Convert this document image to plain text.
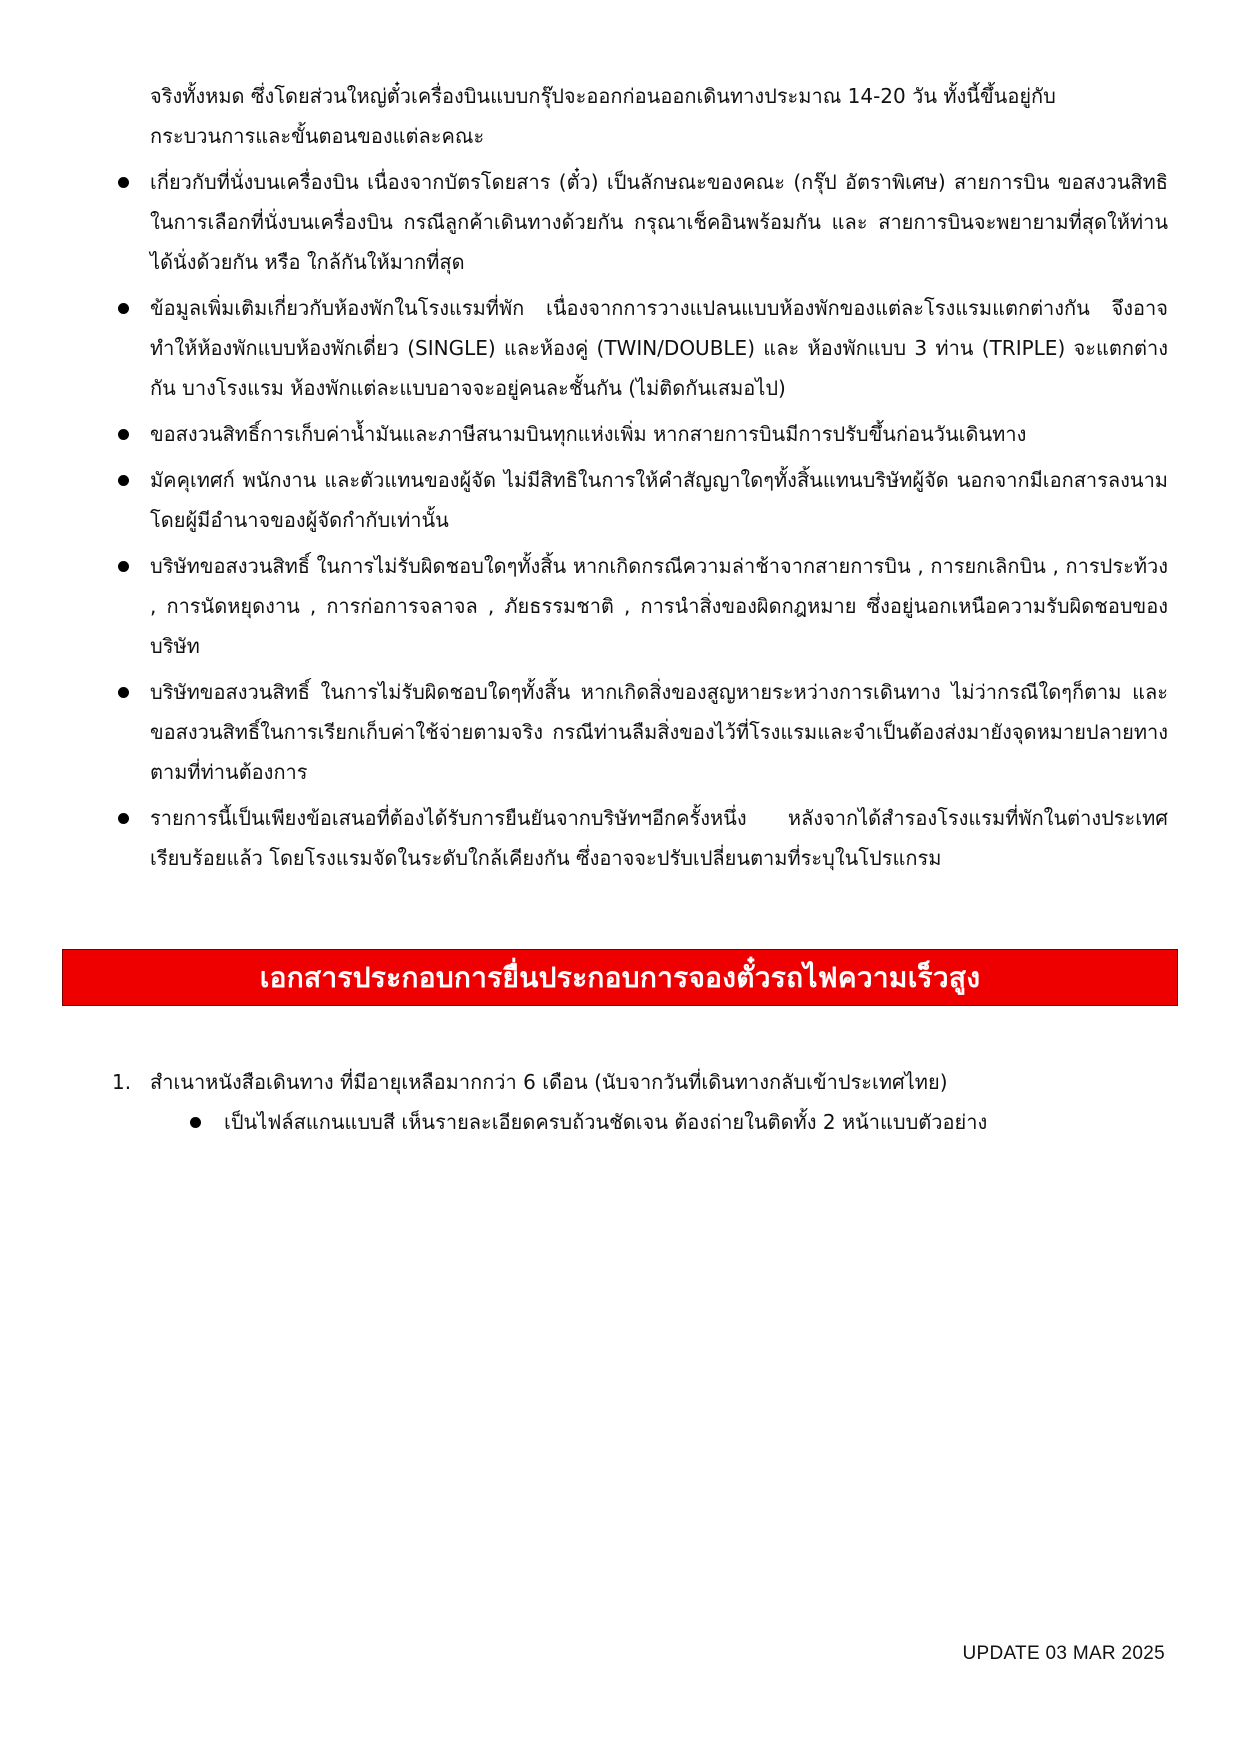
จริงทั้งหมด ซึ่งโดยส่วนใหญ่ตั๋วเครื่องบินแบบกรุ๊ปจะออกก่อนออกเดินทางประมาณ 14-20 วัน ทั้งนี้ขึ้นอยู่กับ

กระบวนการและขั้นตอนของแต่ละคณะ

เกี่ยวกับที่นั่งบนเครื่องบิน เนื่องจากบัตรโดยสาร (ตั๋ว) เป็นลักษณะของคณะ (กรุ๊ป อัตราพิเศษ) สายการบิน ขอสงวนสิทธิในการเลือกที่นั่งบนเครื่องบิน กรณีลูกค้าเดินทางด้วยกัน กรุณาเช็คอินพร้อมกัน และ สายการบินจะพยายามที่สุดให้ท่านได้นั่งด้วยกัน หรือ ใกล้กันให้มากที่สุด
ข้อมูลเพิ่มเติมเกี่ยวกับห้องพักในโรงแรมที่พัก เนื่องจากการวางแปลนแบบห้องพักของแต่ละโรงแรมแตกต่างกัน จึงอาจทำให้ห้องพักแบบห้องพักเดี่ยว (SINGLE) และห้องคู่ (TWIN/DOUBLE) และ ห้องพักแบบ 3 ท่าน (TRIPLE) จะแตกต่างกัน บางโรงแรม ห้องพักแต่ละแบบอาจจะอยู่คนละชั้นกัน (ไม่ติดกันเสมอไป)
ขอสงวนสิทธิ์การเก็บค่าน้ำมันและภาษีสนามบินทุกแห่งเพิ่ม หากสายการบินมีการปรับขึ้นก่อนวันเดินทาง
มัคคุเทศก์ พนักงาน และตัวแทนของผู้จัด ไม่มีสิทธิในการให้คำสัญญาใดๆทั้งสิ้นแทนบริษัทผู้จัด นอกจากมีเอกสารลงนามโดยผู้มีอำนาจของผู้จัดกำกับเท่านั้น
บริษัทขอสงวนสิทธิ์ ในการไม่รับผิดชอบใดๆทั้งสิ้น หากเกิดกรณีความล่าช้าจากสายการบิน , การยกเลิกบิน , การประท้วง , การนัดหยุดงาน , การก่อการจลาจล , ภัยธรรมชาติ , การนำสิ่งของผิดกฎหมาย ซึ่งอยู่นอกเหนือความรับผิดชอบของบริษัท
บริษัทขอสงวนสิทธิ์ ในการไม่รับผิดชอบใดๆทั้งสิ้น หากเกิดสิ่งของสูญหายระหว่างการเดินทาง ไม่ว่ากรณีใดๆก็ตาม และ ขอสงวนสิทธิ์ในการเรียกเก็บค่าใช้จ่ายตามจริง กรณีท่านลืมสิ่งของไว้ที่โรงแรมและจำเป็นต้องส่งมายังจุดหมายปลายทางตามที่ท่านต้องการ
รายการนี้เป็นเพียงข้อเสนอที่ต้องได้รับการยืนยันจากบริษัทฯอีกครั้งหนึ่ง หลังจากได้สำรองโรงแรมที่พักในต่างประเทศเรียบร้อยแล้ว โดยโรงแรมจัดในระดับใกล้เคียงกัน ซึ่งอาจจะปรับเปลี่ยนตามที่ระบุในโปรแกรม
เอกสารประกอบการยื่นประกอบการจองตั๋วรถไฟความเร็วสูง
1. สำเนาหนังสือเดินทาง ที่มีอายุเหลือมากกว่า 6 เดือน (นับจากวันที่เดินทางกลับเข้าประเทศไทย)
เป็นไฟล์สแกนแบบสี เห็นรายละเอียดครบถ้วนชัดเจน ต้องถ่ายในติดทั้ง 2 หน้าแบบตัวอย่าง
UPDATE 03 MAR 2025
